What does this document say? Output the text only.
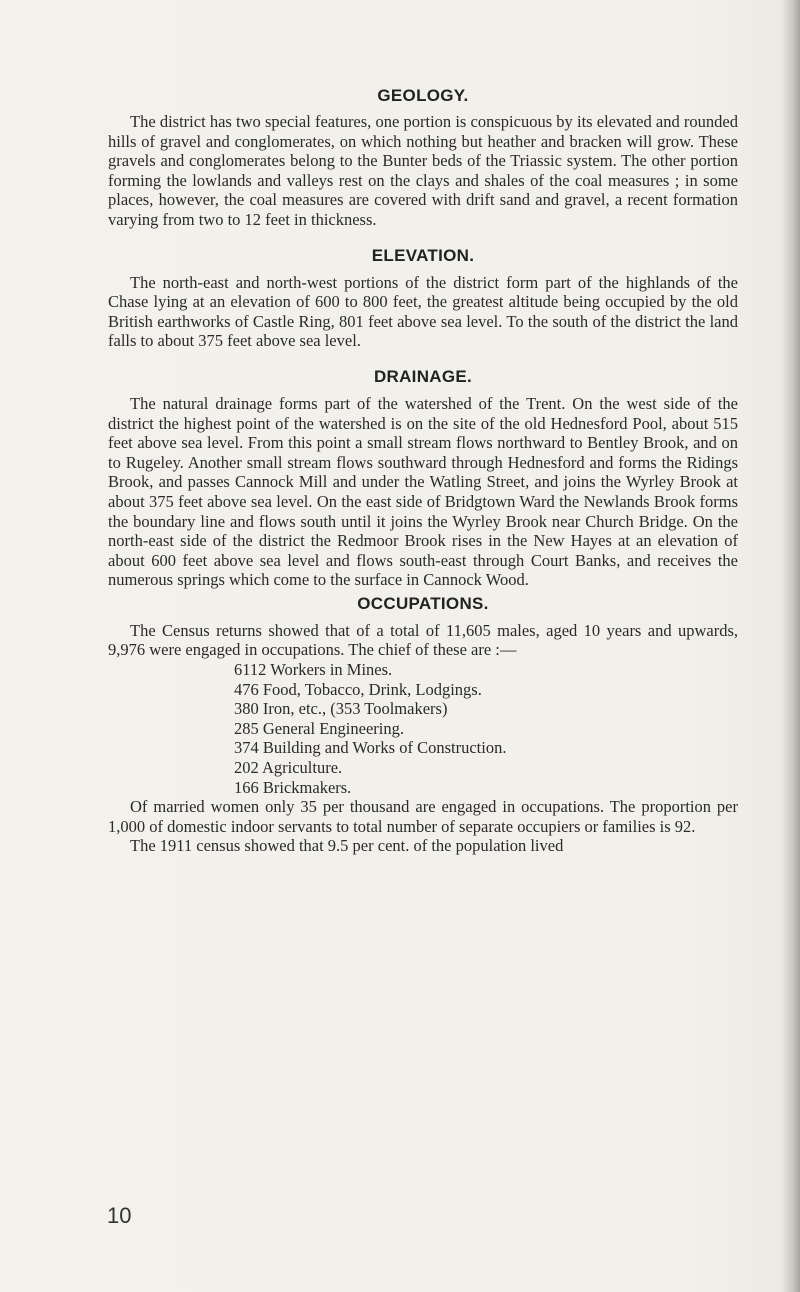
GEOLOGY.

The district has two special features, one portion is conspicuous by its elevated and rounded hills of gravel and conglomerates, on which nothing but heather and bracken will grow. These gravels and conglomerates belong to the Bunter beds of the Triassic system. The other portion forming the lowlands and valleys rest on the clays and shales of the coal measures ; in some places, however, the coal measures are covered with drift sand and gravel, a recent formation varying from two to 12 feet in thickness.

ELEVATION.

The north-east and north-west portions of the district form part of the highlands of the Chase lying at an elevation of 600 to 800 feet, the greatest altitude being occupied by the old British earthworks of Castle Ring, 801 feet above sea level. To the south of the district the land falls to about 375 feet above sea level.

DRAINAGE.

The natural drainage forms part of the watershed of the Trent. On the west side of the district the highest point of the watershed is on the site of the old Hednesford Pool, about 515 feet above sea level. From this point a small stream flows northward to Bentley Brook, and on to Rugeley. Another small stream flows southward through Hednesford and forms the Ridings Brook, and passes Cannock Mill and under the Watling Street, and joins the Wyrley Brook at about 375 feet above sea level. On the east side of Bridgtown Ward the Newlands Brook forms the boundary line and flows south until it joins the Wyrley Brook near Church Bridge. On the north-east side of the district the Redmoor Brook rises in the New Hayes at an elevation of about 600 feet above sea level and flows south-east through Court Banks, and receives the numerous springs which come to the surface in Cannock Wood.

OCCUPATIONS.

The Census returns showed that of a total of 11,605 males, aged 10 years and upwards, 9,976 were engaged in occupations. The chief of these are :—

6112 Workers in Mines.
476 Food, Tobacco, Drink, Lodgings.
380 Iron, etc., (353 Toolmakers)
285 General Engineering.
374 Building and Works of Construction.
202 Agriculture.
166 Brickmakers.

Of married women only 35 per thousand are engaged in occupations. The proportion per 1,000 of domestic indoor servants to total number of separate occupiers or families is 92.

The 1911 census showed that 9.5 per cent. of the population lived

10
